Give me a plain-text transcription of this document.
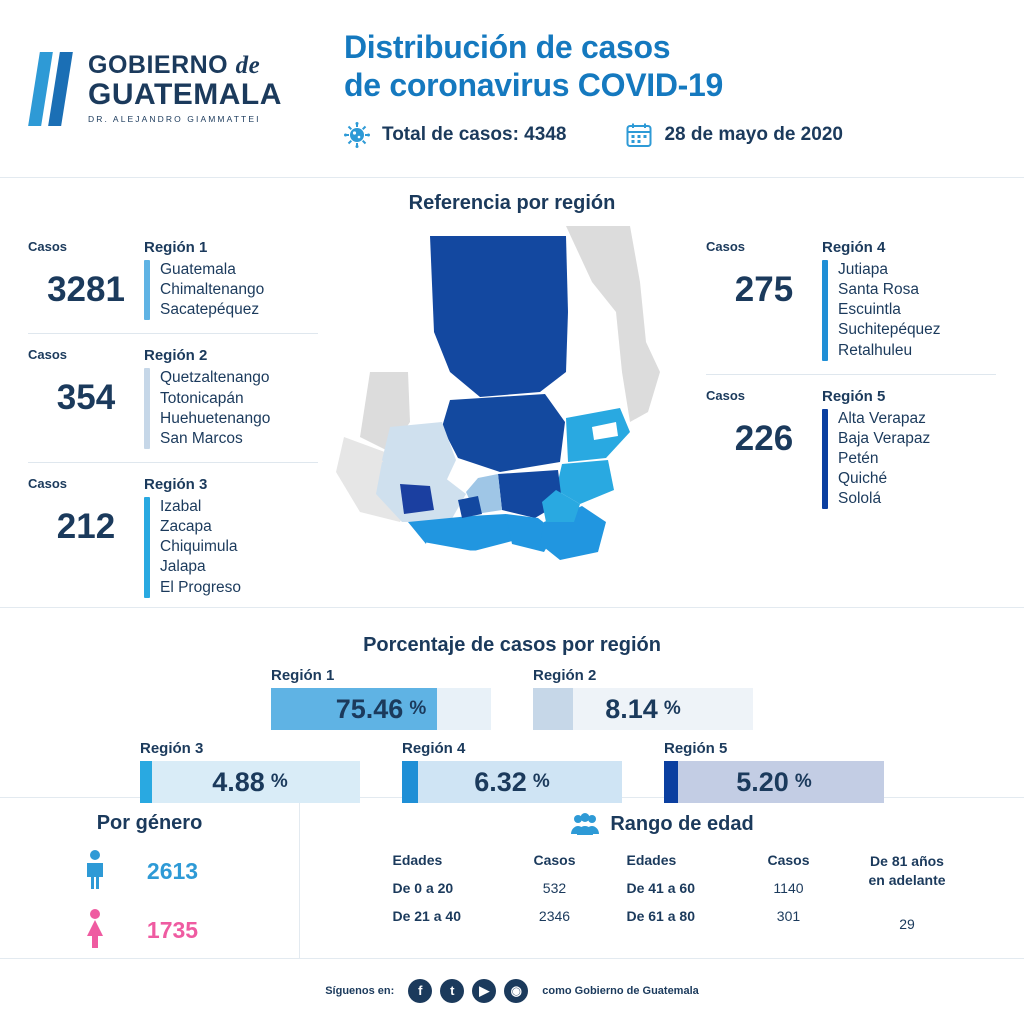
GOBIERNO de
GUATEMALA
DR. ALEJANDRO GIAMMATTEI
Distribución de casos
de coronavirus COVID-19
Total de casos: 4348	28 de mayo de 2020
Referencia por región
Casos
3281
Región 1
Guatemala
Chimaltenango
Sacatepéquez
Casos
354
Región 2
Quetzaltenango
Totonicapán
Huehuetenango
San Marcos
Casos
212
Región 3
Izabal
Zacapa
Chiquimula
Jalapa
El Progreso
Casos
275
Región 4
Jutiapa
Santa Rosa
Escuintla
Suchitepéquez
Retalhuleu
Casos
226
Región 5
Alta Verapaz
Baja Verapaz
Petén
Quiché
Sololá
Porcentaje de casos por región
Región 1
75.46 %
Región 2
8.14 %
Región 3
4.88 %
Región 4
6.32 %
Región 5
5.20 %
Por género
2613
1735
Rango de edad
Edades	Casos
De 0 a 20	532
De 21 a 40	2346
Edades	Casos
De 41 a 60	1140
De 61 a 80	301
De 81 años
en adelante
29
Síguenos en:	f	t	▶	◉	como Gobierno de Guatemala
